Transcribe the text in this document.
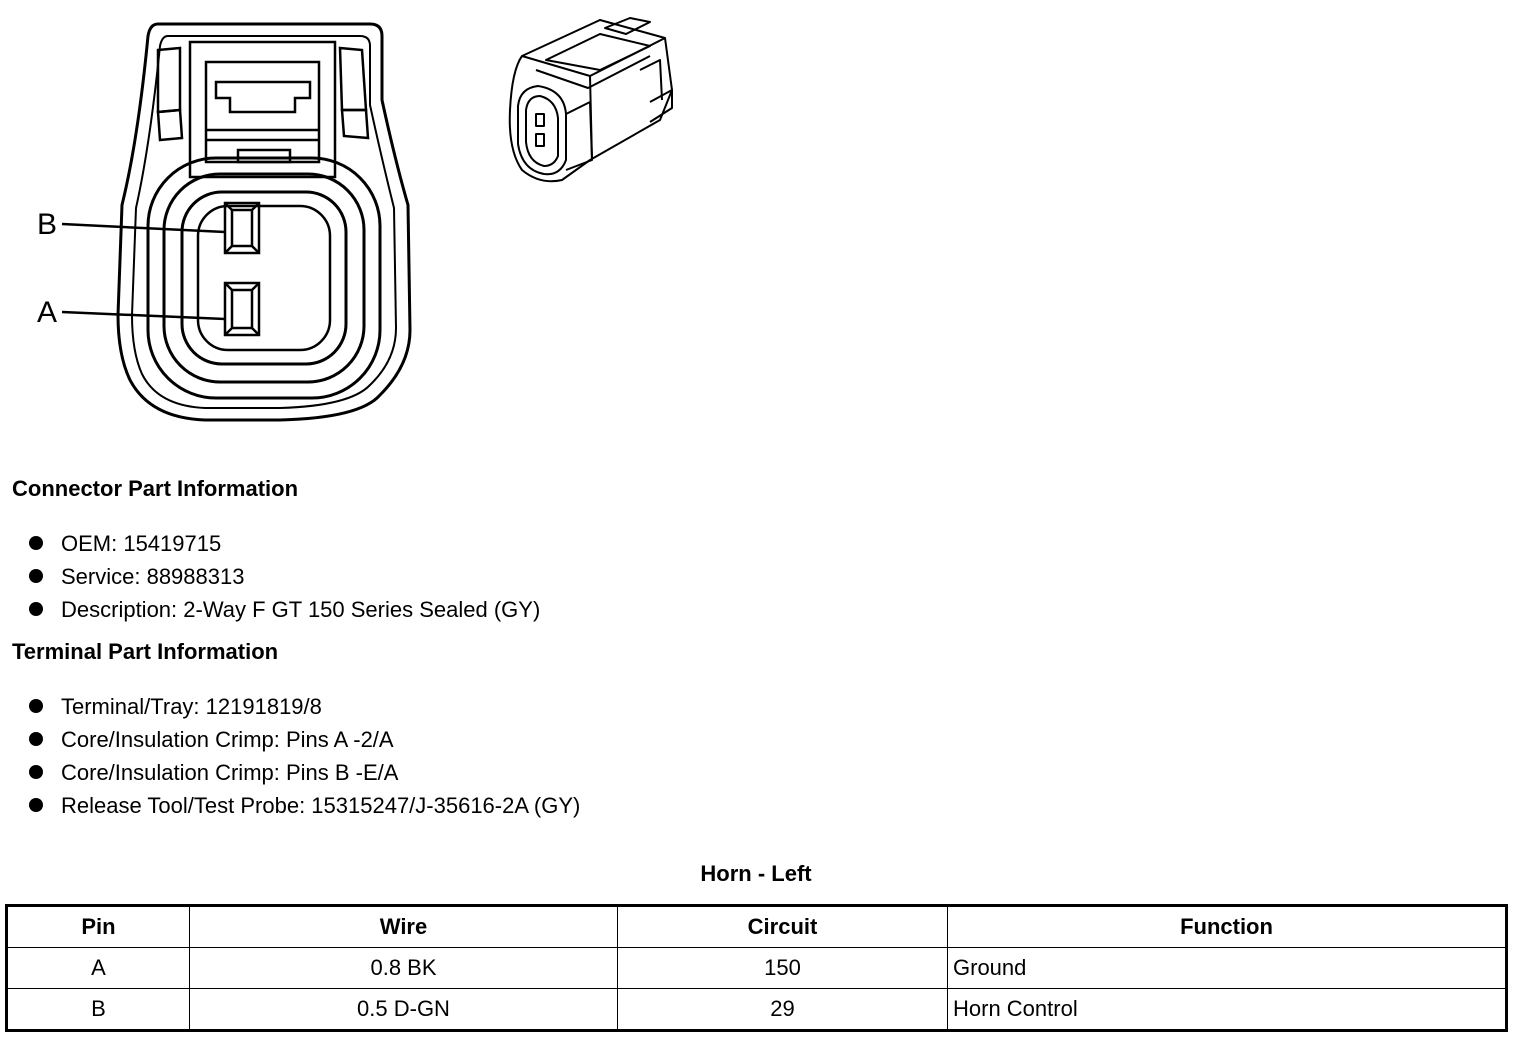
B
A
Connector Part Information
OEM: 15419715
Service: 88988313
Description: 2-Way F GT 150 Series Sealed (GY)
Terminal Part Information
Terminal/Tray: 12191819/8
Core/Insulation Crimp: Pins A -2/A
Core/Insulation Crimp: Pins B -E/A
Release Tool/Test Probe: 15315247/J-35616-2A (GY)
Horn - Left
Pin	Wire	Circuit	Function
A	0.8 BK	150	Ground
B	0.5 D-GN	29	Horn Control
